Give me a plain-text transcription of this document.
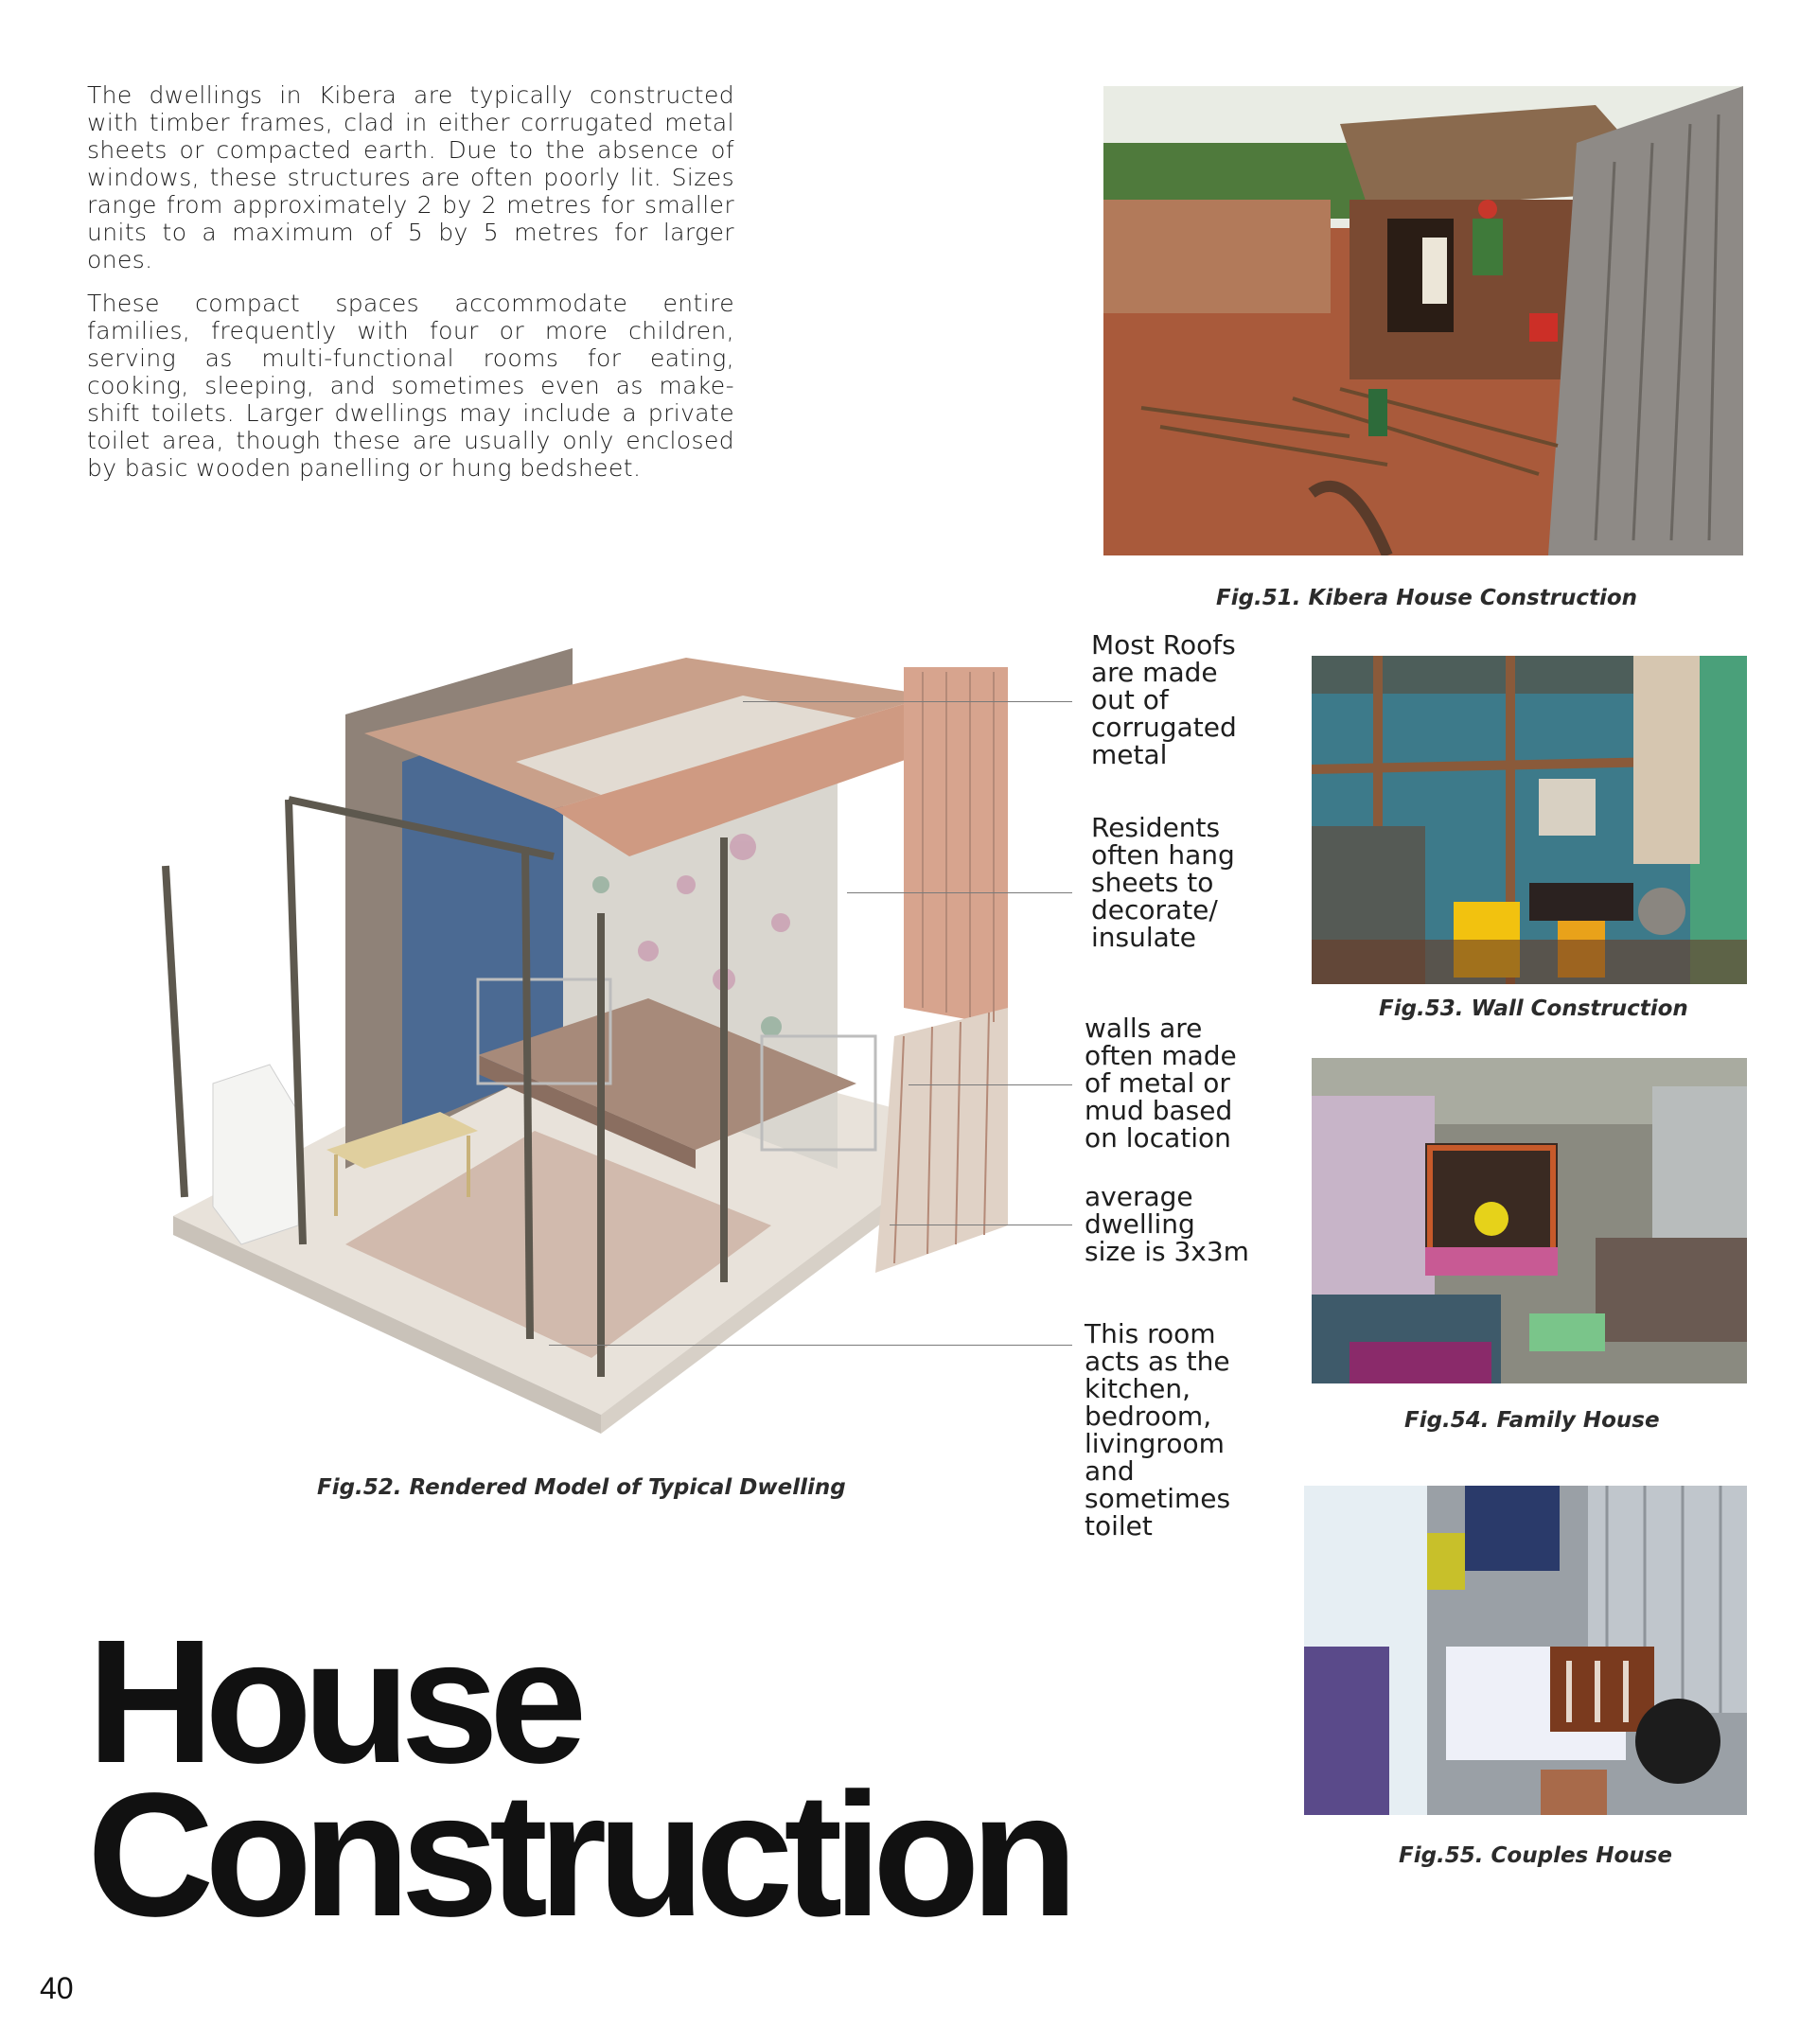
The dwellings in Kibera are typically constructed with timber frames, clad in either corrugated metal sheets or compacted earth. Due to the absence of windows, these structures are often poorly lit. Sizes range from approximately 2 by 2 metres for smaller units to a maximum of 5 by 5 metres for larger ones.

These compact spaces accommodate entire families, frequently with four or more children, serving as multi-functional rooms for eating, cooking, sleeping, and sometimes even as make-shift toilets. Larger dwellings may include a private toilet area, though these are usually only enclosed by basic wooden panelling or hung bedsheet.

Fig.51. Kibera House Construction
Fig.52. Rendered Model of Typical Dwelling
Most Roofs
are made
out of
corrugated
metal
Residents
often hang
sheets to
decorate/
insulate
walls are
often made
of metal or
mud based
on location
average
dwelling
size is 3x3m
This room
acts as the
kitchen,
bedroom,
livingroom
and
sometimes
toilet
Fig.53. Wall Construction
Fig.54. Family House
Fig.55. Couples House
House
Construction
40
